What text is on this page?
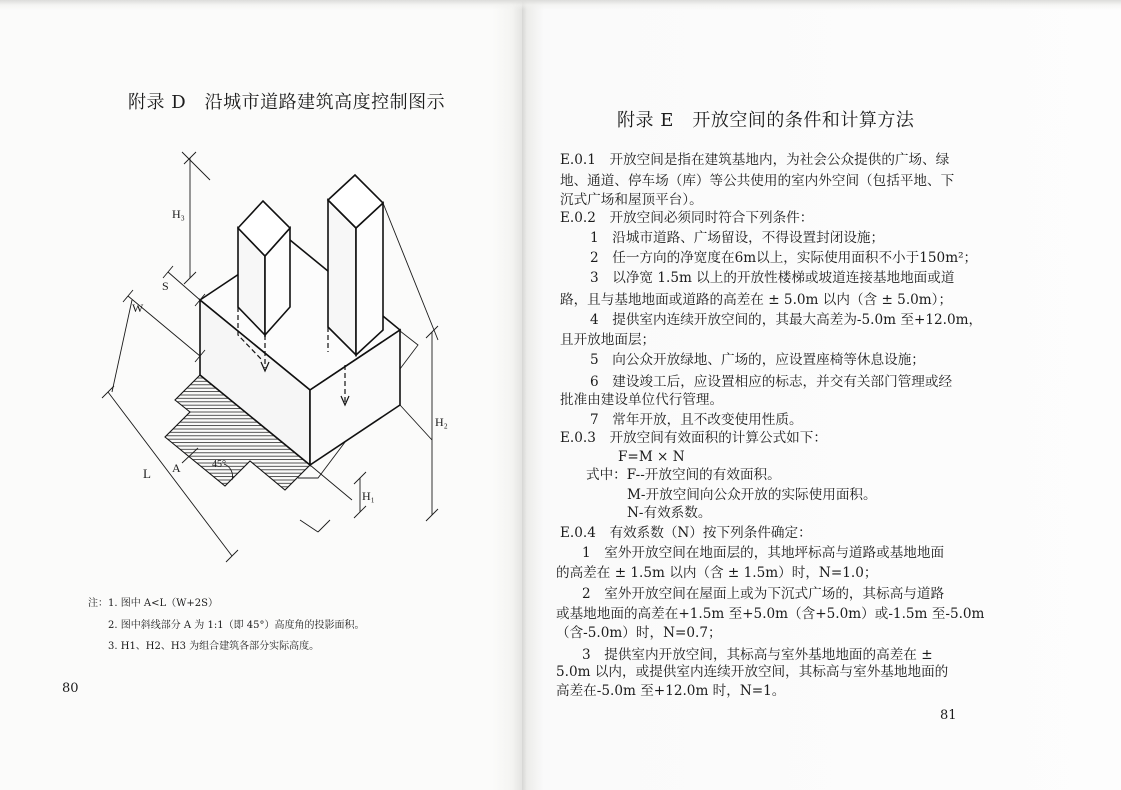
附录 D　沿城市道路建筑高度控制图示
H₃
S
W
L A	45°
H₂
H₁
注：1. 图中 A<L（W+2S）
2. 图中斜线部分 A 为 1:1（即 45°）高度角的投影面积。
3. H1、H2、H3 为组合建筑各部分实际高度。
80
附录 E　开放空间的条件和计算方法
E.0.1　开放空间是指在建筑基地内，为社会公众提供的广场、绿
地、通道、停车场（库）等公共使用的室内外空间（包括平地、下
沉式广场和屋顶平台）。
E.0.2　开放空间必须同时符合下列条件：
1　沿城市道路、广场留设，不得设置封闭设施；
2　任一方向的净宽度在6m以上，实际使用面积不小于150m²；
3　以净宽 1.5m 以上的开放性楼梯或坡道连接基地地面或道
路，且与基地地面或道路的高差在 ± 5.0m 以内（含 ± 5.0m）；
4　提供室内连续开放空间的，其最大高差为-5.0m 至+12.0m，
且开放地面层；
5　向公众开放绿地、广场的，应设置座椅等休息设施；
6　建设竣工后，应设置相应的标志，并交有关部门管理或经
批准由建设单位代行管理。
7　常年开放，且不改变使用性质。
E.0.3　开放空间有效面积的计算公式如下：
F=M × N
式中：F--开放空间的有效面积。
M-开放空间向公众开放的实际使用面积。
N-有效系数。
E.0.4　有效系数（N）按下列条件确定：
1　室外开放空间在地面层的，其地坪标高与道路或基地地面
的高差在 ± 1.5m 以内（含 ± 1.5m）时，N=1.0；
2　室外开放空间在屋面上或为下沉式广场的，其标高与道路
或基地地面的高差在+1.5m 至+5.0m（含+5.0m）或-1.5m 至-5.0m
（含-5.0m）时，N=0.7；
3　提供室内开放空间，其标高与室外基地地面的高差在 ±
5.0m 以内，或提供室内连续开放空间，其标高与室外基地地面的
高差在-5.0m 至+12.0m 时，N=1。
81
